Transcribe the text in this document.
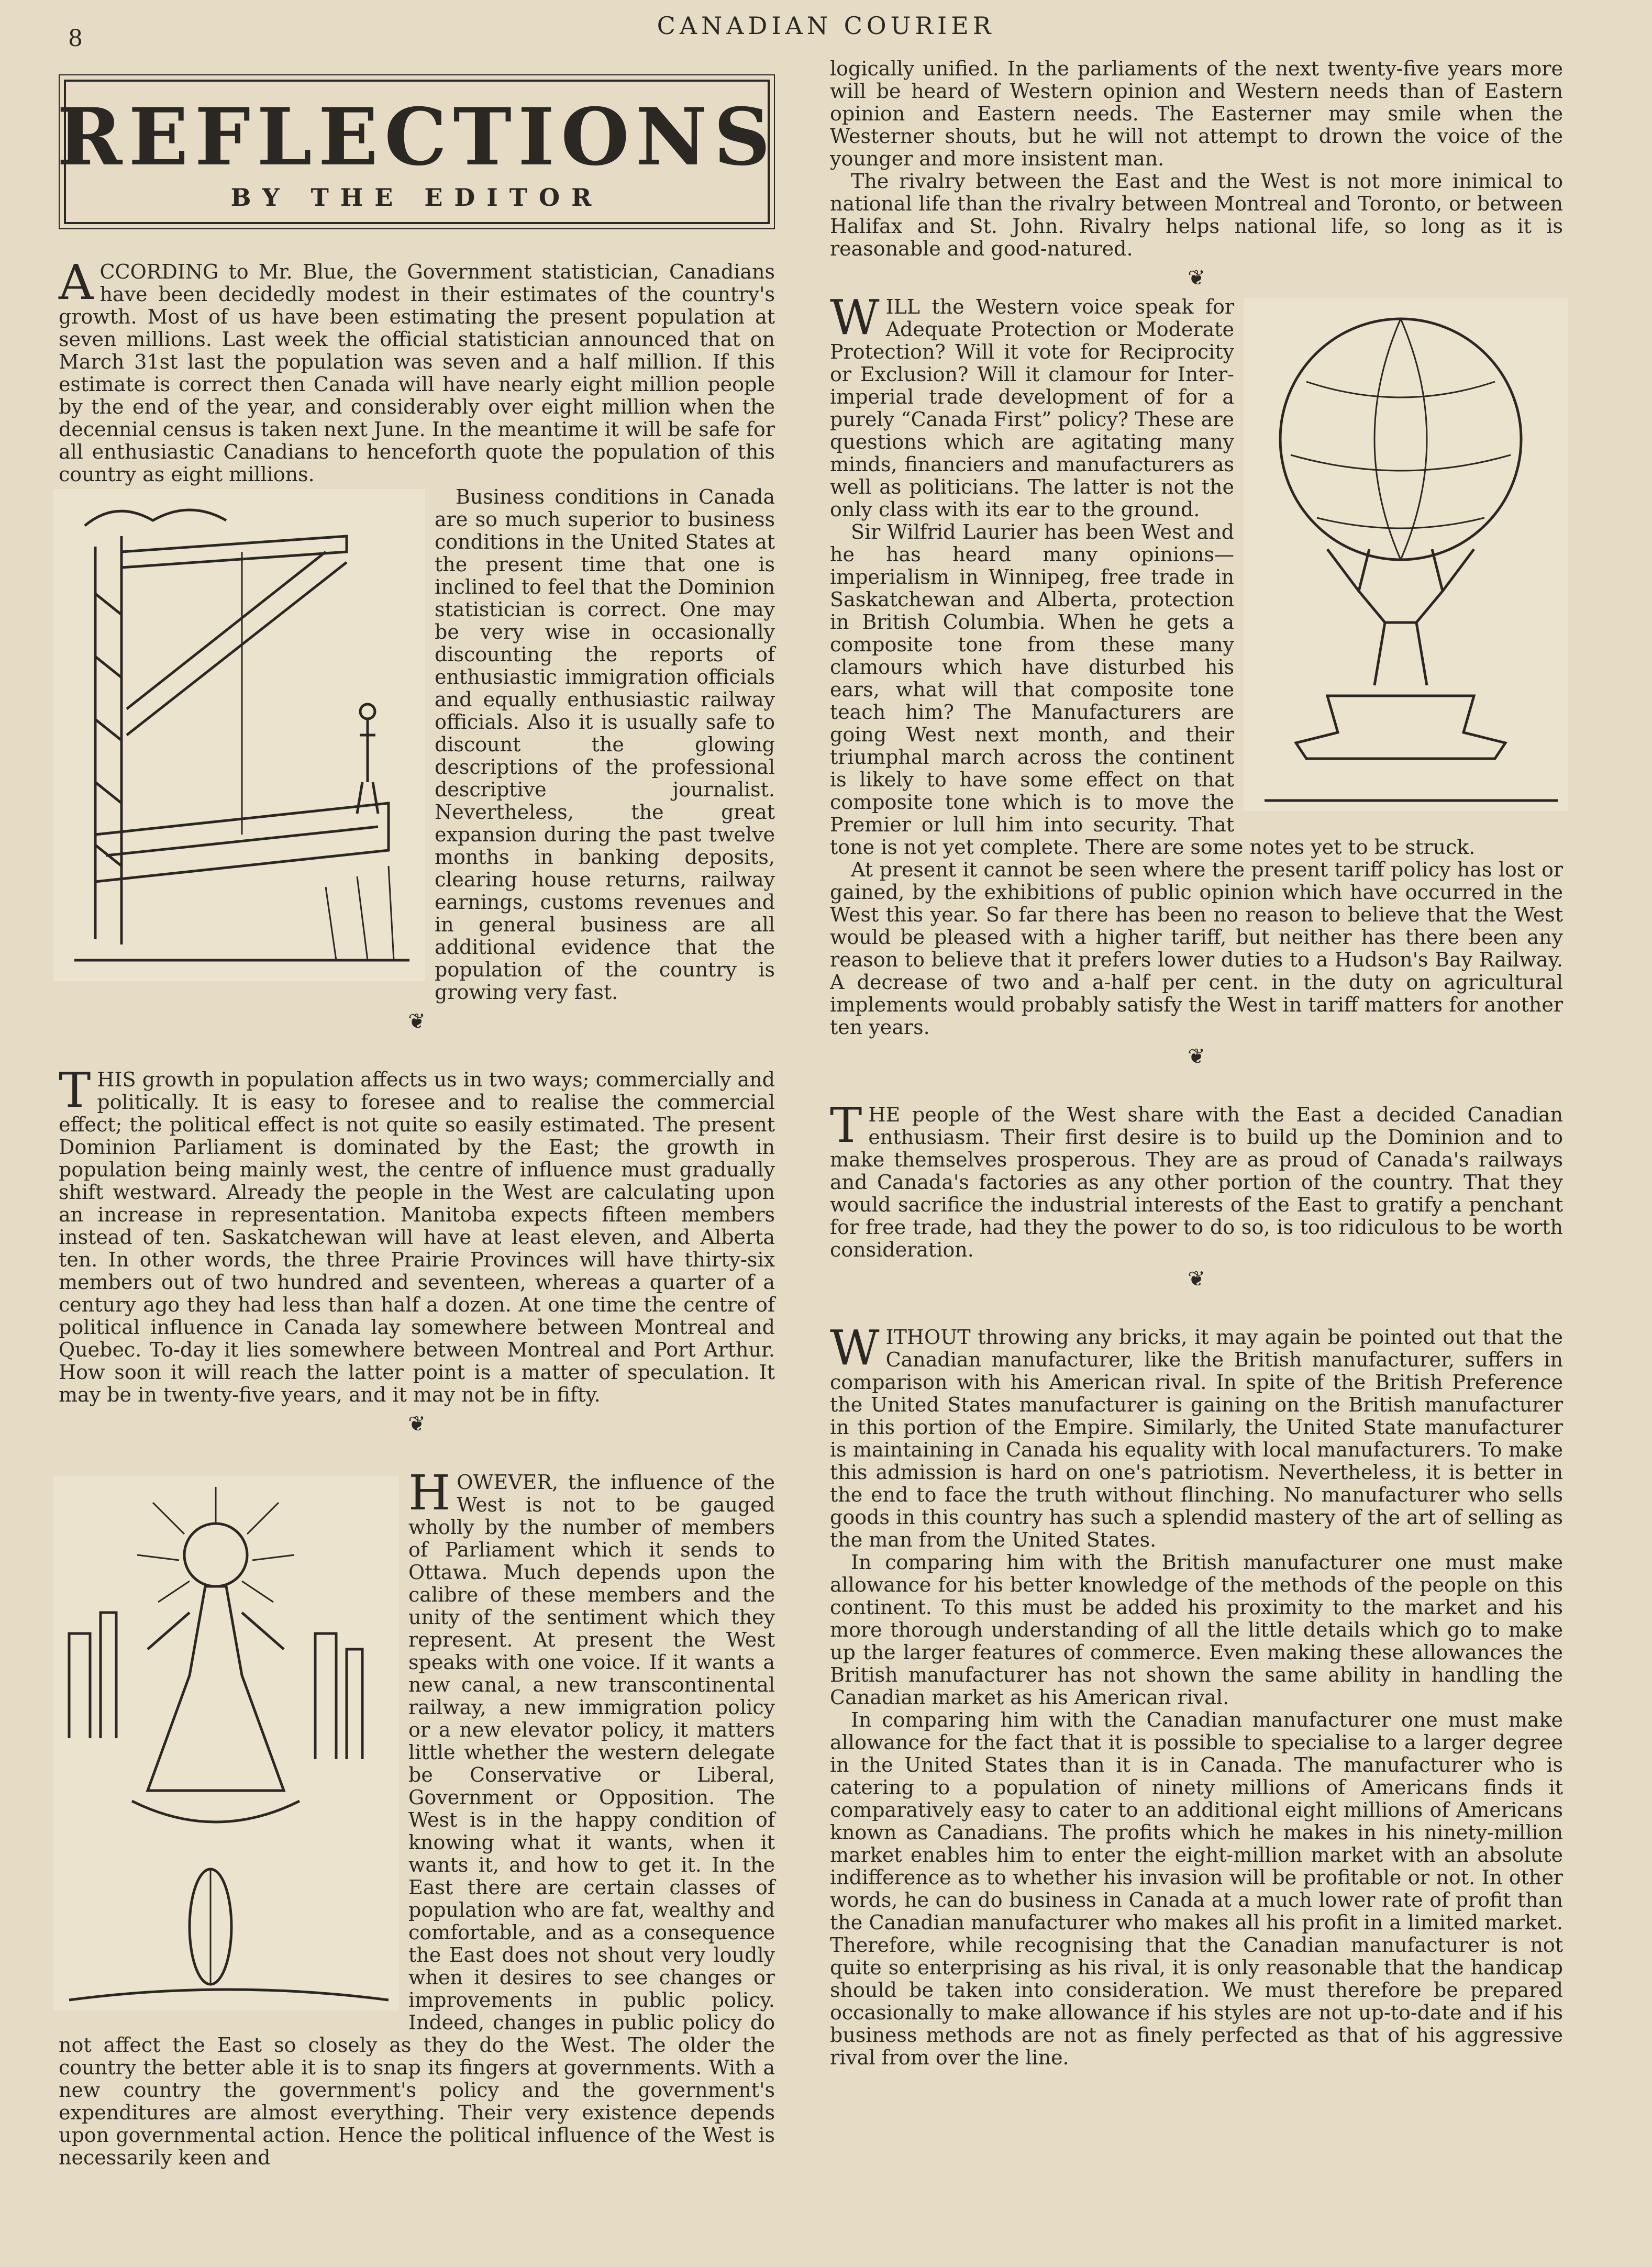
8	CANADIAN COURIER
REFLECTIONS
BY THE EDITOR

ACCORDING to Mr. Blue, the Government statistician, Canadians have been decidedly modest in their estimates of the country's growth. Most of us have been estimating the present population at seven millions. Last week the official statistician announced that on March 31st last the population was seven and a half million. If this estimate is correct then Canada will have nearly eight million people by the end of the year, and considerably over eight million when the decennial census is taken next June. In the meantime it will be safe for all enthusiastic Canadians to henceforth quote the population of this country as eight millions.

Business conditions in Canada are so much superior to business conditions in the United States at the present time that one is inclined to feel that the Dominion statistician is correct. One may be very wise in occasionally discounting the reports of enthusiastic immigration officials and equally enthusiastic railway officials. Also it is usually safe to discount the glowing descriptions of the professional descriptive journalist. Nevertheless, the great expansion during the past twelve months in banking deposits, clearing house returns, railway earnings, customs revenues and in general business are all additional evidence that the population of the country is growing very fast.

❦

THIS growth in population affects us in two ways; commercially and politically. It is easy to foresee and to realise the commercial effect; the political effect is not quite so easily estimated. The present Dominion Parliament is dominated by the East; the growth in population being mainly west, the centre of influence must gradually shift westward. Already the people in the West are calculating upon an increase in representation. Manitoba expects fifteen members instead of ten. Saskatchewan will have at least eleven, and Alberta ten. In other words, the three Prairie Provinces will have thirty-six members out of two hundred and seventeen, whereas a quarter of a century ago they had less than half a dozen. At one time the centre of political influence in Canada lay somewhere between Montreal and Quebec. To-day it lies somewhere between Montreal and Port Arthur. How soon it will reach the latter point is a matter of speculation. It may be in twenty-five years, and it may not be in fifty.

❦

HOWEVER, the influence of the West is not to be gauged wholly by the number of members of Parliament which it sends to Ottawa. Much depends upon the calibre of these members and the unity of the sentiment which they represent. At present the West speaks with one voice. If it wants a new canal, a new transcontinental railway, a new immigration policy or a new elevator policy, it matters little whether the western delegate be Conservative or Liberal, Government or Opposition. The West is in the happy condition of knowing what it wants, when it wants it, and how to get it. In the East there are certain classes of population who are fat, wealthy and comfortable, and as a consequence the East does not shout very loudly when it desires to see changes or improvements in public policy. Indeed, changes in public policy do not affect the East so closely as they do the West. The older the country the better able it is to snap its fingers at governments. With a new country the government's policy and the government's expenditures are almost everything. Their very existence depends upon governmental action. Hence the political influence of the West is necessarily keen and

logically unified. In the parliaments of the next twenty-five years more will be heard of Western opinion and Western needs than of Eastern opinion and Eastern needs. The Easterner may smile when the Westerner shouts, but he will not attempt to drown the voice of the younger and more insistent man.

The rivalry between the East and the West is not more inimical to national life than the rivalry between Montreal and Toronto, or between Halifax and St. John. Rivalry helps national life, so long as it is reasonable and good-natured.

❦

WILL the Western voice speak for Adequate Protection or Moderate Protection? Will it vote for Reciprocity or Exclusion? Will it clamour for Inter-imperial trade development of for a purely “Canada First” policy? These are questions which are agitating many minds, financiers and manufacturers as well as politicians. The latter is not the only class with its ear to the ground.

Sir Wilfrid Laurier has been West and he has heard many opinions—imperialism in Winnipeg, free trade in Saskatchewan and Alberta, protection in British Columbia. When he gets a composite tone from these many clamours which have disturbed his ears, what will that composite tone teach him? The Manufacturers are going West next month, and their triumphal march across the continent is likely to have some effect on that composite tone which is to move the Premier or lull him into security. That tone is not yet complete. There are some notes yet to be struck.

At present it cannot be seen where the present tariff policy has lost or gained, by the exhibitions of public opinion which have occurred in the West this year. So far there has been no reason to believe that the West would be pleased with a higher tariff, but neither has there been any reason to believe that it prefers lower duties to a Hudson's Bay Railway. A decrease of two and a-half per cent. in the duty on agricultural implements would probably satisfy the West in tariff matters for another ten years.

❦

THE people of the West share with the East a decided Canadian enthusiasm. Their first desire is to build up the Dominion and to make themselves prosperous. They are as proud of Canada's railways and Canada's factories as any other portion of the country. That they would sacrifice the industrial interests of the East to gratify a penchant for free trade, had they the power to do so, is too ridiculous to be worth consideration.

❦

WITHOUT throwing any bricks, it may again be pointed out that the Canadian manufacturer, like the British manufacturer, suffers in comparison with his American rival. In spite of the British Preference the United States manufacturer is gaining on the British manufacturer in this portion of the Empire. Similarly, the United State manufacturer is maintaining in Canada his equality with local manufacturers. To make this admission is hard on one's patriotism. Nevertheless, it is better in the end to face the truth without flinching. No manufacturer who sells goods in this country has such a splendid mastery of the art of selling as the man from the United States.

In comparing him with the British manufacturer one must make allowance for his better knowledge of the methods of the people on this continent. To this must be added his proximity to the market and his more thorough understanding of all the little details which go to make up the larger features of commerce. Even making these allowances the British manufacturer has not shown the same ability in handling the Canadian market as his American rival.

In comparing him with the Canadian manufacturer one must make allowance for the fact that it is possible to specialise to a larger degree in the United States than it is in Canada. The manufacturer who is catering to a population of ninety millions of Americans finds it comparatively easy to cater to an additional eight millions of Americans known as Canadians. The profits which he makes in his ninety-million market enables him to enter the eight-million market with an absolute indifference as to whether his invasion will be profitable or not. In other words, he can do business in Canada at a much lower rate of profit than the Canadian manufacturer who makes all his profit in a limited market. Therefore, while recognising that the Canadian manufacturer is not quite so enterprising as his rival, it is only reasonable that the handicap should be taken into consideration. We must therefore be prepared occasionally to make allowance if his styles are not up-to-date and if his business methods are not as finely perfected as that of his aggressive rival from over the line.
